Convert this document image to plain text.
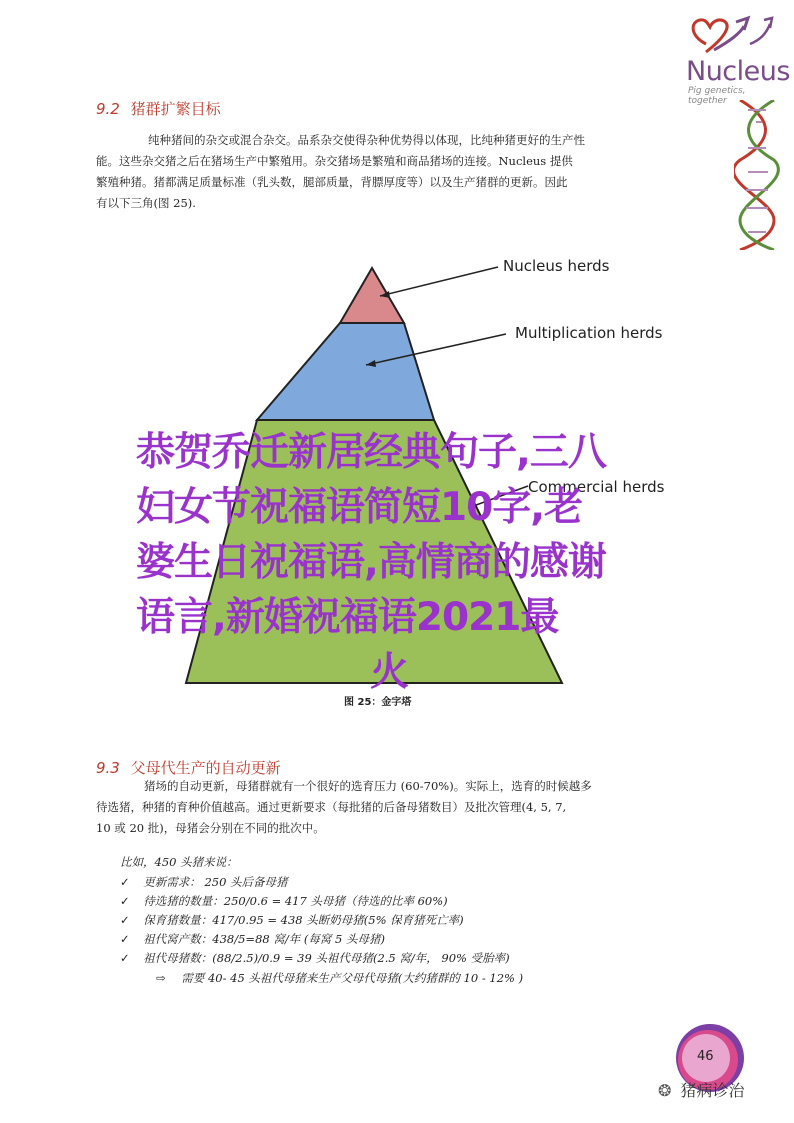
Nucleus
Pig genetics, together
9.2 猪群扩繁目标

纯种猪间的杂交或混合杂交。品系杂交使得杂种优势得以体现，比纯种猪更好的生产性

能。这些杂交猪之后在猪场生产中繁殖用。杂交猪场是繁殖和商品猪场的连接。Nucleus 提供

繁殖种猪。猪都满足质量标准（乳头数，腿部质量，背膘厚度等）以及生产猪群的更新。因此

有以下三角(图 25).

Nucleus herds
Multiplication herds
Commercial herds
图 25：金字塔
恭贺乔迁新居经典句子,三八
妇女节祝福语简短10字,老
婆生日祝福语,高情商的感谢
语言,新婚祝福语2021最
火
9.3 父母代生产的自动更新

猪场的自动更新，母猪群就有一个很好的选育压力 (60-70%)。实际上，选育的时候越多

待选猪，种猪的育种价值越高。通过更新要求（每批猪的后备母猪数目）及批次管理(4, 5, 7,

10 或 20 批)，母猪会分别在不同的批次中。

比如，450 头猪来说：
✓ 更新需求： 250 头后备母猪
✓ 待选猪的数量：250/0.6 = 417 头母猪（待选的比率 60%)
✓ 保育猪数量：417/0.95 = 438 头断奶母猪(5% 保育猪死亡率)
✓ 祖代窝产数：438/5=88 窝/年 (每窝 5 头母猪)
✓ 祖代母猪数：(88/2.5)/0.9 = 39 头祖代母猪(2.5 窝/年， 90% 受胎率)
⇨ 需要 40- 45 头祖代母猪来生产父母代母猪(大约猪群的 10 - 12% )
46
❂ 猪病诊治
